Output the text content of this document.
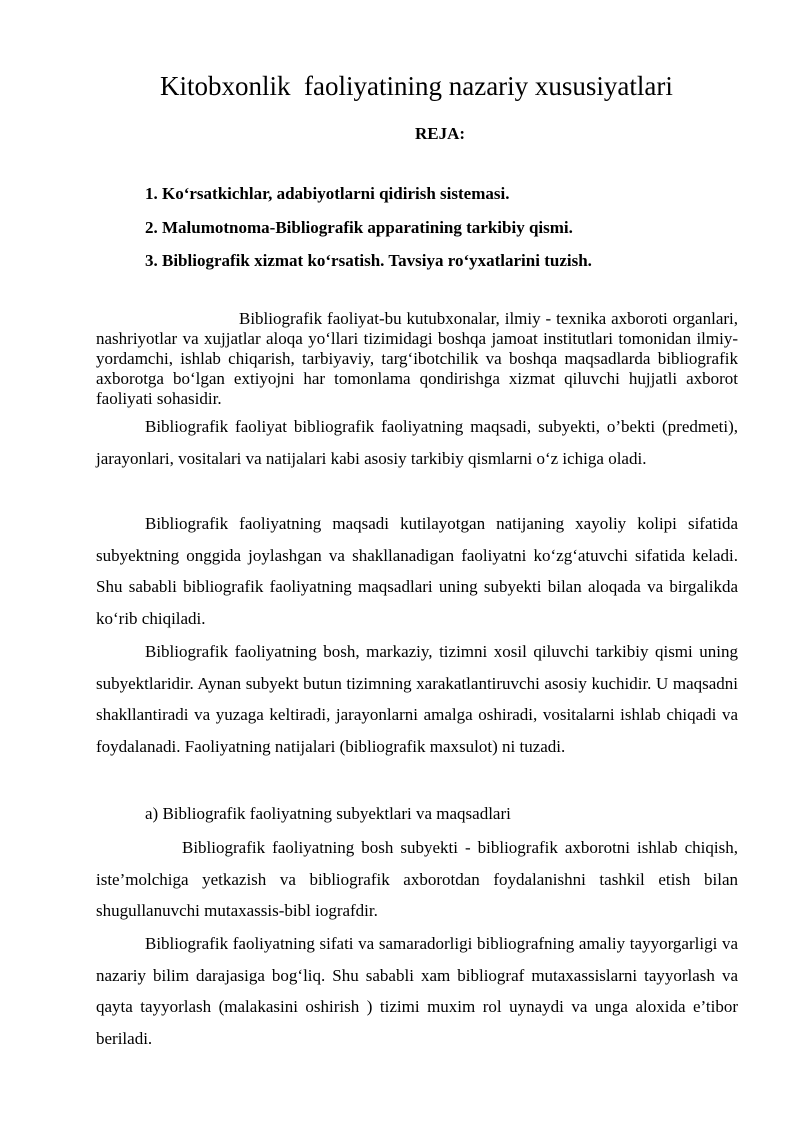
Kitobxonlik  faoliyatining nazariy xususiyatlari
REJA:
1. Ko‘rsatkichlar, adabiyotlarni qidirish sistemasi.
2. Malumotnoma-Bibliografik apparatining tarkibiy qismi.
3. Bibliografik xizmat ko‘rsatish. Tavsiya ro‘yxatlarini tuzish.

Bibliografik faoliyat-bu kutubxonalar, ilmiy - texnika axboroti organlari, nashriyotlar va xujjatlar aloqa yo‘llari tizimidagi boshqa jamoat institutlari tomonidan ilmiy-yordamchi, ishlab chiqarish, tarbiyaviy, targ‘ibotchilik va boshqa maqsadlarda bibliografik axborotga bo‘lgan extiyojni har tomonlama qondirishga xizmat qiluvchi hujjatli axborot faoliyati sohasidir.

Bibliografik faoliyat bibliografik faoliyatning maqsadi, subyekti, o’bekti (predmeti), jarayonlari, vositalari va natijalari kabi asosiy tarkibiy qismlarni o‘z ichiga oladi.

Bibliografik faoliyatning maqsadi kutilayotgan natijaning xayoliy kolipi sifatida subyektning onggida joylashgan va shakllanadigan faoliyatni ko‘zg‘atuvchi sifatida keladi. Shu sababli bibliografik faoliyatning maqsadlari uning subyekti bilan aloqada va birgalikda ko‘rib chiqiladi.

Bibliografik faoliyatning bosh, markaziy, tizimni xosil qiluvchi tarkibiy qismi uning subyektlaridir. Aynan subyekt butun tizimning xarakatlantiruvchi asosiy kuchidir. U maqsadni shakllantiradi va yuzaga keltiradi, jarayonlarni amalga oshiradi, vositalarni ishlab chiqadi va foydalanadi. Faoliyatning natijalari (bibliografik maxsulot) ni tuzadi.

a) Bibliografik faoliyatning subyektlari va maqsadlari

Bibliografik faoliyatning bosh subyekti - bibliografik axborotni ishlab chiqish, iste’molchiga yetkazish va bibliografik axborotdan foydalanishni tashkil etish bilan shugullanuvchi mutaxassis-bibl iografdir.

Bibliografik faoliyatning sifati va samaradorligi bibliografning amaliy tayyorgarligi va nazariy bilim darajasiga bog‘liq. Shu sababli xam bibliograf mutaxassislarni tayyorlash va qayta tayyorlash (malakasini oshirish ) tizimi muxim rol uynaydi va unga aloxida e’tibor beriladi.
